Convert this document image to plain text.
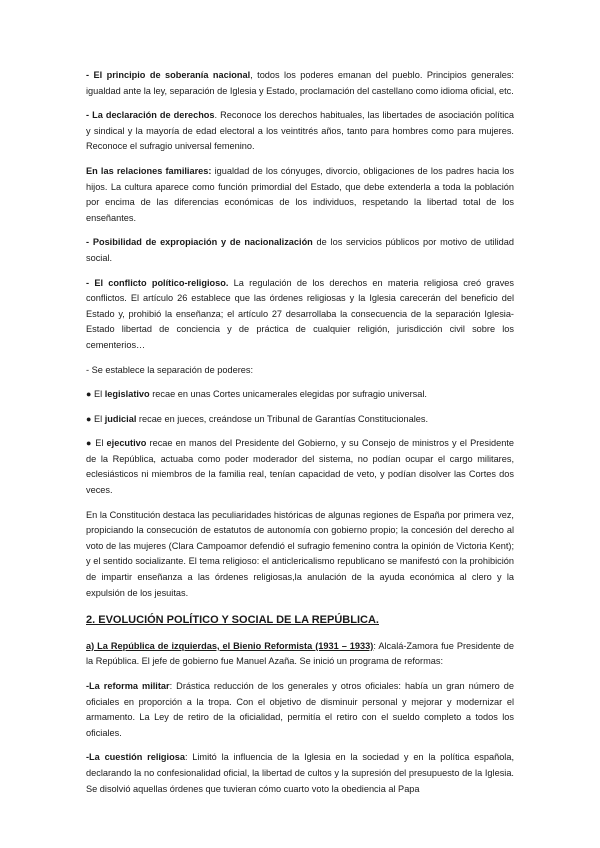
- El principio de soberanía nacional, todos los poderes emanan del pueblo. Principios generales: igualdad ante la ley, separación de Iglesia y Estado, proclamación del castellano como idioma oficial, etc.

- La declaración de derechos. Reconoce los derechos habituales, las libertades de asociación política y sindical y la mayoría de edad electoral a los veintitrés años, tanto para hombres como para mujeres. Reconoce el sufragio universal femenino.

En las relaciones familiares: igualdad de los cónyuges, divorcio, obligaciones de los padres hacia los hijos. La cultura aparece como función primordial del Estado, que debe extenderla a toda la población por encima de las diferencias económicas de los individuos, respetando la libertad total de los enseñantes.

- Posibilidad de expropiación y de nacionalización de los servicios públicos por motivo de utilidad social.

- El conflicto político-religioso. La regulación de los derechos en materia religiosa creó graves conflictos. El artículo 26 establece que las órdenes religiosas y la Iglesia carecerán del beneficio del Estado y, prohibió la enseñanza; el artículo 27 desarrollaba la consecuencia de la separación Iglesia-Estado libertad de conciencia y de práctica de cualquier religión, jurisdicción civil sobre los cementerios…

- Se establece la separación de poderes:

● El legislativo recae en unas Cortes unicamerales elegidas por sufragio universal.

● El judicial recae en jueces, creándose un Tribunal de Garantías Constitucionales.

● El ejecutivo recae en manos del Presidente del Gobierno, y su Consejo de ministros y el Presidente de la República, actuaba como poder moderador del sistema, no podían ocupar el cargo militares, eclesiásticos ni miembros de la familia real, tenían capacidad de veto, y podían disolver las Cortes dos veces.

En la Constitución destaca las peculiaridades históricas de algunas regiones de España por primera vez, propiciando la consecución de estatutos de autonomía con gobierno propio; la concesión del derecho al voto de las mujeres (Clara Campoamor defendió el sufragio femenino contra la opinión de Victoria Kent); y el sentido socializante. El tema religioso: el anticlericalismo republicano se manifestó con la prohibición de impartir enseñanza a las órdenes religiosas,la anulación de la ayuda económica al clero y la expulsión de los jesuitas.

2. EVOLUCIÓN POLÍTICO Y SOCIAL DE LA REPÚBLICA.

a) La República de izquierdas, el Bienio Reformista (1931 – 1933): Alcalá-Zamora fue Presidente de la República. El jefe de gobierno fue Manuel Azaña. Se inició un programa de reformas:

-La reforma militar: Drástica reducción de los generales y otros oficiales: había un gran número de oficiales en proporción a la tropa. Con el objetivo de disminuir personal y mejorar y modernizar el armamento. La Ley de retiro de la oficialidad, permitía el retiro con el sueldo completo a todos los oficiales.

-La cuestión religiosa: Limitó la influencia de la Iglesia en la sociedad y en la política española, declarando la no confesionalidad oficial, la libertad de cultos y la supresión del presupuesto de la Iglesia. Se disolvió aquellas órdenes que tuvieran cómo cuarto voto la obediencia al Papa
